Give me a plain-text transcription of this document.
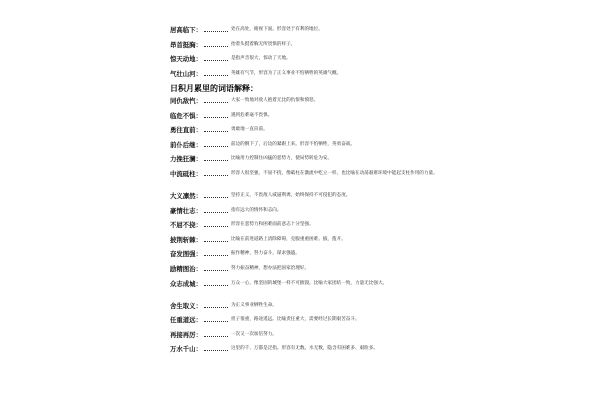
居高临下 ：	处在高处，俯视下面。形容处于有利的地位。
昂首挺胸 ：	抬着头挺着胸无所畏惧的样子。
惊天动地 ：	是指声音很大，惊动了天地。
气壮山河 ：	英雄有气节，形容为了正义事业不怕牺牲的英雄气概。
日积月累里的词语解释：
同仇敌忾 ：	大家一致地对敌人抱着无比的仇恨和愤怒。
临危不惧 ：	遇到危难毫不畏惧。
勇往直前 ：	勇敢地一直向前。
前仆后继 ：	前边的倒下了，后边的紧跟上来。形容不怕牺牲，英勇奋战。
力挽狂澜 ：	比喻用力控制住凶猛的恶势力，使局势转危为安。
中流砥柱 ：	形容人很坚强，不屈不挠，像砥柱在激流中屹立一样，也比喻在动荡艰难环境中能起支柱作用的力量。
大义凛然 ：	坚持正义，不畏敌人威逼利诱，始终保持不可侵犯的态度。
豪情壮志 ：	指有远大的情怀和志向。
不屈不挠 ：	形容在恶势力和困难面前意志十分坚强。
披荆斩棘 ：	比喻在前进道路上清除障碍，克服重重困难。披，拨开。
奋发图强 ：	振作精神，努力奋斗，谋求强盛。
励精图治 ：	努力振奋精神，想办法把国家治理好。
众志成城 ：	万众一心，像坚固的城堡一样不可摧毁。比喻大家团结一致，力量无比强大。
舍生取义 ：	为正义事业牺牲生命。
任重道远 ：	担子很重，路途遥远。比喻责任重大，需要经过长期艰苦奋斗。
再接再厉 ：	一次又一次加倍努力。
万水千山 ：	这里的千、万都是泛指。形容有无数。水无数，隐含有困难多、艰险多。
